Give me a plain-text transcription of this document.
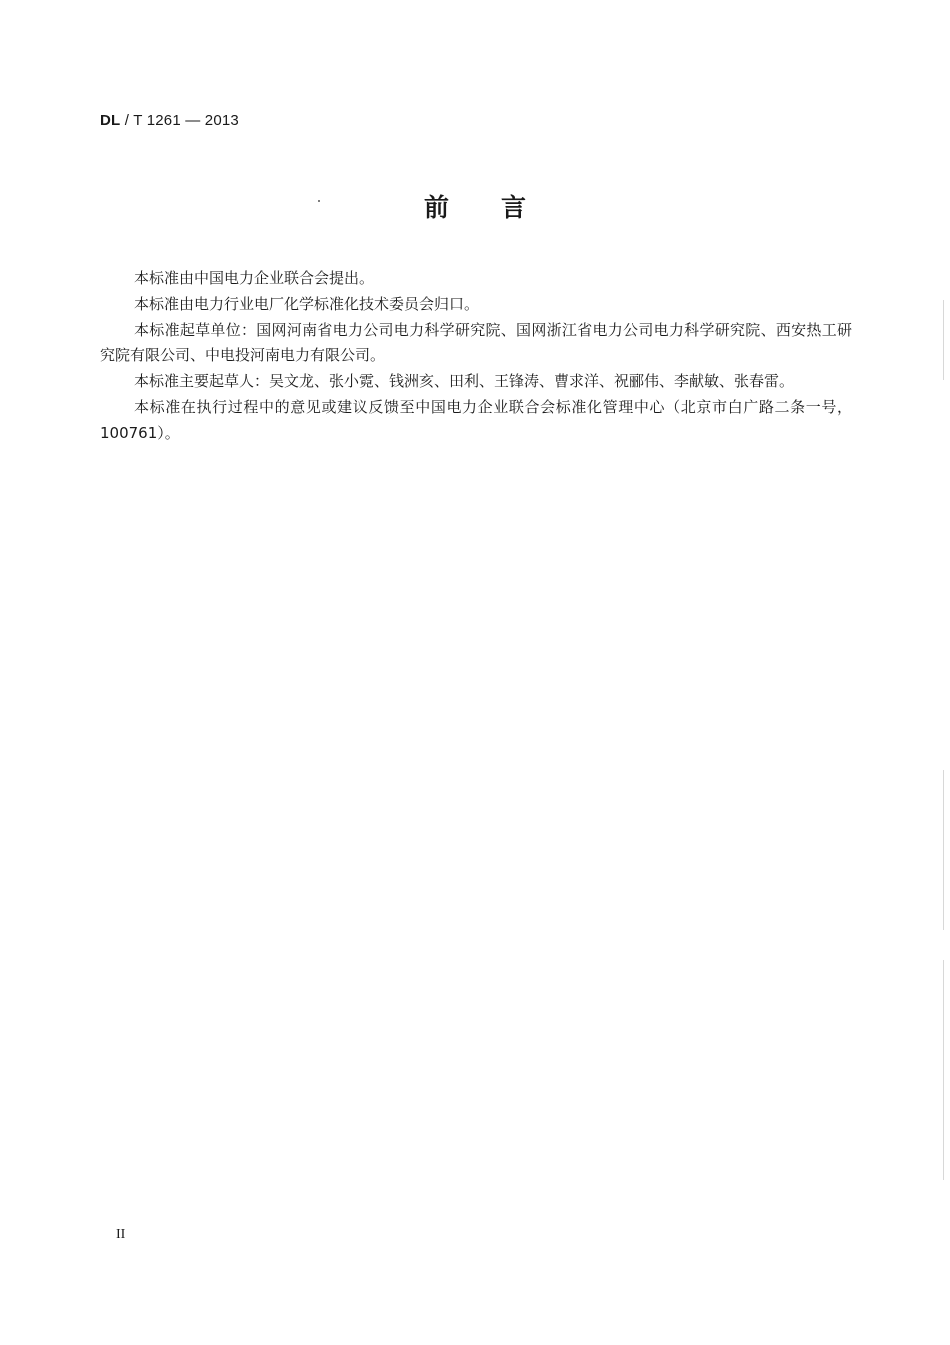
DL / T 1261 — 2013
前 言

本标准由中国电力企业联合会提出。

本标准由电力行业电厂化学标准化技术委员会归口。

本标准起草单位：国网河南省电力公司电力科学研究院、国网浙江省电力公司电力科学研究院、西安热工研究院有限公司、中电投河南电力有限公司。

本标准主要起草人：吴文龙、张小霓、钱洲亥、田利、王锋涛、曹求洋、祝郦伟、李献敏、张春雷。

本标准在执行过程中的意见或建议反馈至中国电力企业联合会标准化管理中心（北京市白广路二条一号，100761）。

II
